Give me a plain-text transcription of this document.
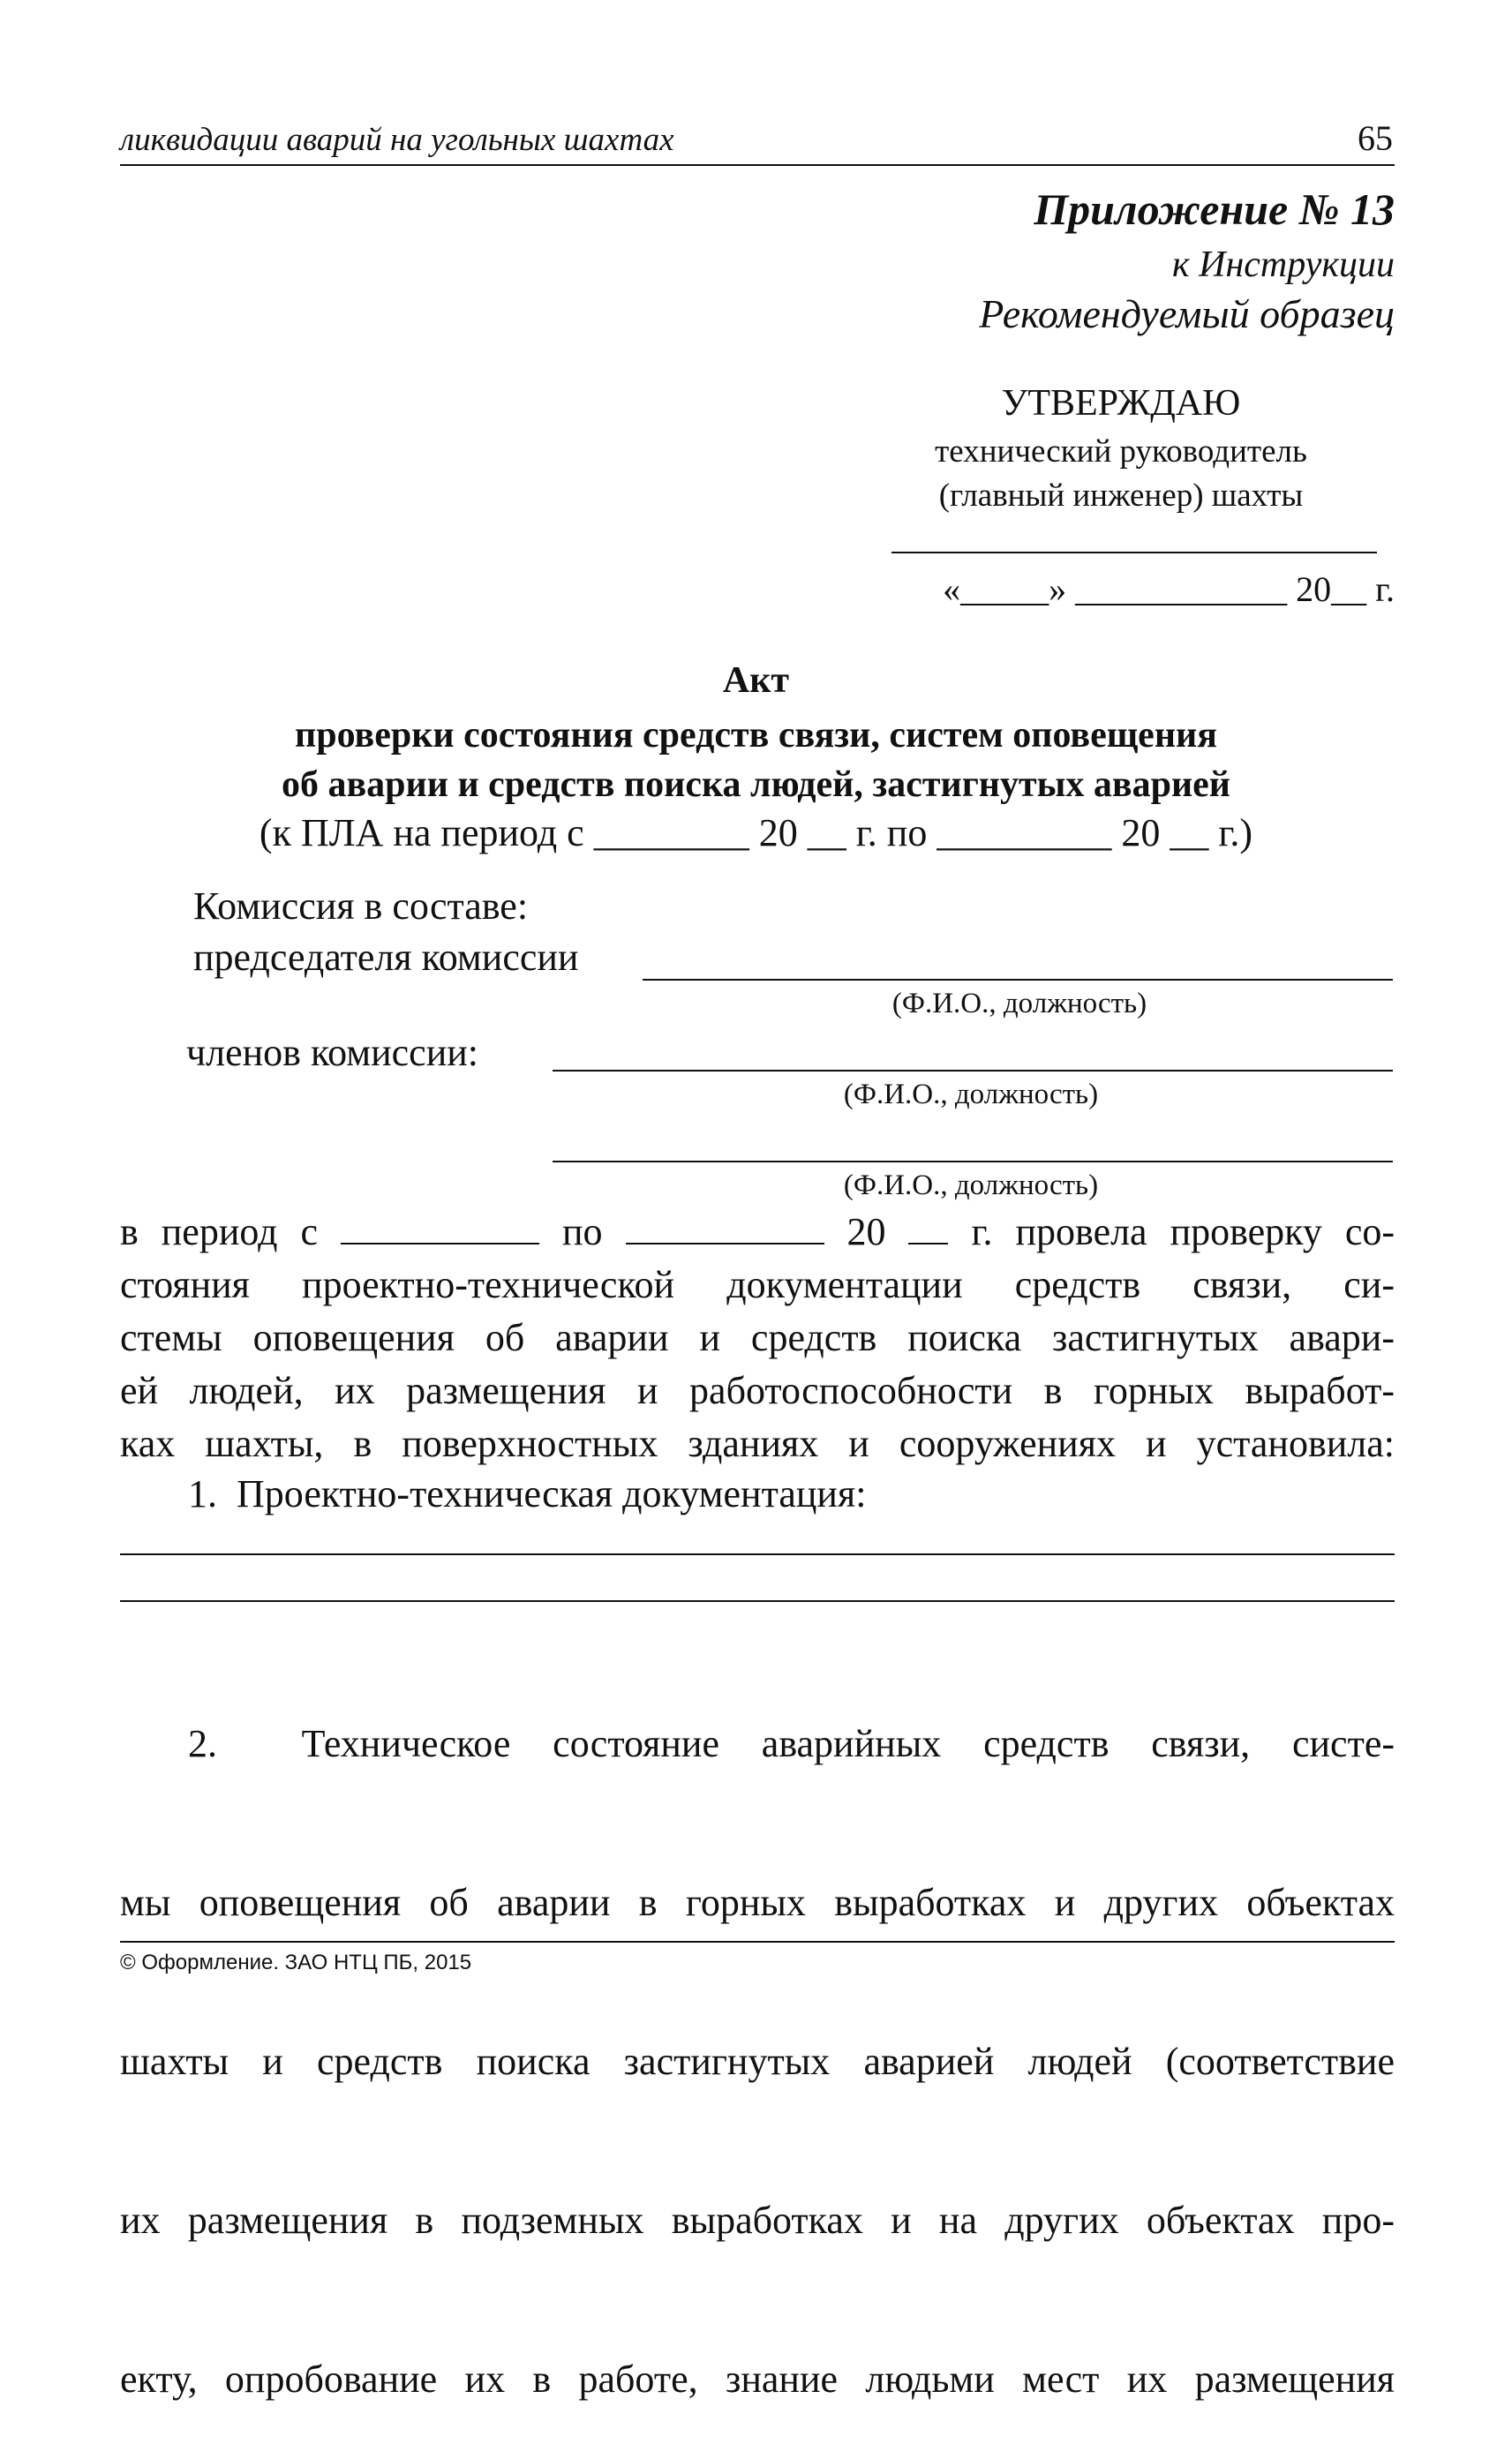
ликвидации аварий на угольных шахтах	65
Приложение № 13
к Инструкции
Рекомендуемый образец
УТВЕРЖДАЮ
технический руководитель
(главный инженер) шахты
«_____» ____________ 20__ г.
Акт
проверки состояния средств связи, систем оповещения
об аварии и средств поиска людей, застигнутых аварией
(к ПЛА на период с ________ 20 __ г. по _________ 20 __ г.)
Комиссия в составе:
председателя комиссии
(Ф.И.О., должность)
членов комиссии:
(Ф.И.О., должность)
(Ф.И.О., должность)
в период с	по	20 г. провела проверку со-
стояния проектно-технической документации средств связи, си-
стемы оповещения об аварии и средств поиска застигнутых авари-
ей людей, их размещения и работоспособности в горных выработ-
ках шахты, в поверхностных зданиях и сооружениях и установила:
1.  Проектно-техническая документация:

2.  Техническое состояние аварийных средств связи, систе-

мы оповещения об аварии в горных выработках и других объектах

шахты и средств поиска застигнутых аварией людей (соответствие

их размещения в подземных выработках и на других объектах про-

екту, опробование их в работе, знание людьми мест их размещения

© Оформление. ЗАО НТЦ ПБ, 2015
